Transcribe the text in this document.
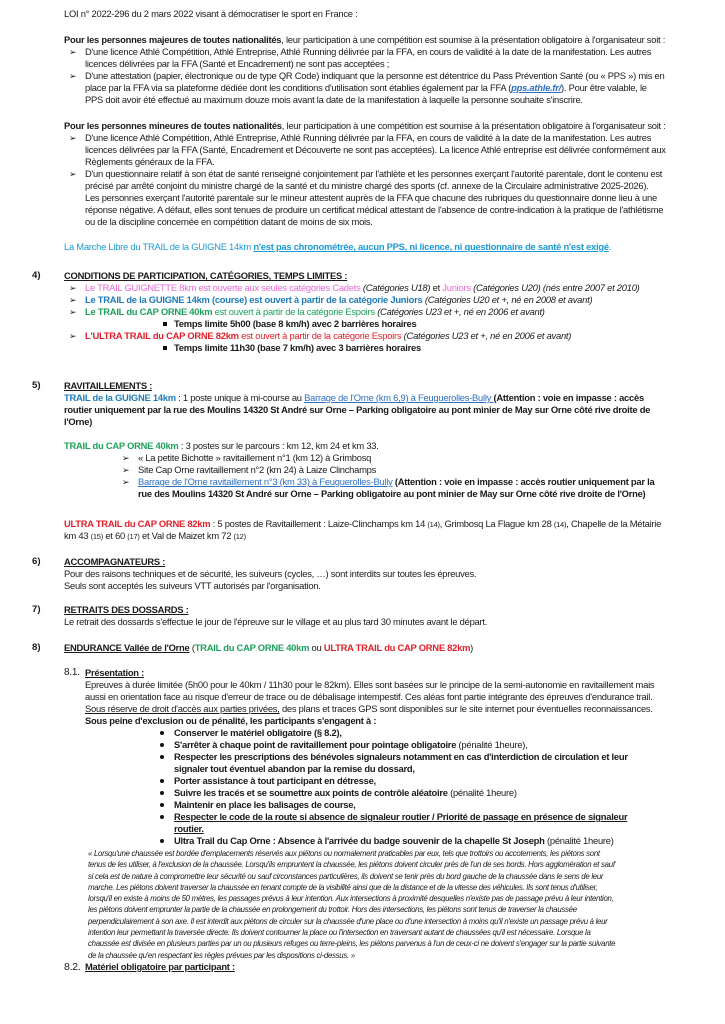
LOI n° 2022-296 du 2 mars 2022 visant à démocratiser le sport en France :
Pour les personnes majeures de toutes nationalités, leur participation à une compétition est soumise à la présentation obligatoire à l'organisateur soit :
➢ D'une licence Athlé Compétition, Athlé Entreprise, Athlé Running délivrée par la FFA, en cours de validité à la date de la manifestation. Les autres
licences délivrées par la FFA (Santé et Encadrement) ne sont pas acceptées ;
➢ D'une attestation (papier, électronique ou de type QR Code) indiquant que la personne est détentrice du Pass Prévention Santé (ou « PPS ») mis en
place par la FFA via sa plateforme dédiée dont les conditions d'utilisation sont établies également par la FFA (pps.athle.fr/). Pour être valable, le
PPS doit avoir été effectué au maximum douze mois avant la date de la manifestation à laquelle la personne souhaite s'inscrire.
Pour les personnes mineures de toutes nationalités, leur participation à une compétition est soumise à la présentation obligatoire à l'organisateur soit :
➢ D'une licence Athlé Compétition, Athlé Entreprise, Athlé Running délivrée par la FFA, en cours de validité à la date de la manifestation. Les autres
licences délivrées par la FFA (Santé, Encadrement et Découverte ne sont pas acceptées). La licence Athlé entreprise est délivrée conformément aux
Règlements généraux de la FFA.
➢ D'un questionnaire relatif à son état de santé renseigné conjointement par l'athlète et les personnes exerçant l'autorité parentale, dont le contenu est
précisé par arrêté conjoint du ministre chargé de la santé et du ministre chargé des sports (cf. annexe de la Circulaire administrative 2025-2026).
Les personnes exerçant l'autorité parentale sur le mineur attestent auprès de la FFA que chacune des rubriques du questionnaire donne lieu à une
réponse négative. A défaut, elles sont tenues de produire un certificat médical attestant de l'absence de contre-indication à la pratique de l'athlétisme
ou de la discipline concernée en compétition datant de moins de six mois.
La Marche Libre du TRAIL de la GUIGNE 14km n'est pas chronométrée, aucun PPS, ni licence, ni questionnaire de santé n'est exigé.
4) CONDITIONS DE PARTICIPATION, CATÉGORIES, TEMPS LIMITES :
➢ Le TRAIL GUIGNETTE 8km est ouverte aux seules catégories Cadets (Catégories U18) et Juniors (Catégories U20) (nés entre 2007 et 2010)
➢ Le TRAIL de la GUIGNE 14km (course) est ouvert à partir de la catégorie Juniors (Catégories U20 et +, né en 2008 et avant)
➢ Le TRAIL du CAP ORNE 40km est ouvert à partir de la catégorie Espoirs (Catégories U23 et +, né en 2006 et avant)
Temps limite 5h00 (base 8 km/h) avec 2 barrières horaires
➢ L'ULTRA TRAIL du CAP ORNE 82km est ouvert à partir de la catégorie Espoirs (Catégories U23 et +, né en 2006 et avant)
Temps limite 11h30 (base 7 km/h) avec 3 barrières horaires
5) RAVITAILLEMENTS :
TRAIL de la GUIGNE 14km : 1 poste unique à mi-course au Barrage de l'Orne (km 6,9) à Feuguerolles-Bully (Attention : voie en impasse : accès
routier uniquement par la rue des Moulins 14320 St André sur Orne – Parking obligatoire au pont minier de May sur Orne côté rive droite de
l'Orne)
TRAIL du CAP ORNE 40km : 3 postes sur le parcours : km 12, km 24 et km 33.
➢ « La petite Bichotte » ravitaillement n°1 (km 12) à Grimbosq
➢ Site Cap Orne ravitaillement n°2 (km 24) à Laize Clinchamps
➢ Barrage de l'Orne ravitaillement n°3 (km 33) à Feuguerolles-Bully (Attention : voie en impasse : accès routier uniquement par la
rue des Moulins 14320 St André sur Orne – Parking obligatoire au pont minier de May sur Orne côté rive droite de l'Orne)
ULTRA TRAIL du CAP ORNE 82km : 5 postes de Ravitaillement : Laize-Clinchamps km 14 (14), Grimbosq La Flague km 28 (14), Chapelle de la Métairie
km 43 (15) et 60 (17) et Val de Maizet km 72 (12)
6) ACCOMPAGNATEURS :
Pour des raisons techniques et de sécurité, les suiveurs (cycles, …) sont interdits sur toutes les épreuves.
Seuls sont acceptés les suiveurs VTT autorisés par l'organisation.
7) RETRAITS DES DOSSARDS :
Le retrait des dossards s'effectue le jour de l'épreuve sur le village et au plus tard 30 minutes avant le départ.
8) ENDURANCE Vallée de l'Orne (TRAIL du CAP ORNE 40km ou ULTRA TRAIL du CAP ORNE 82km)
8.1. Présentation :
Epreuves à durée limitée (5h00 pour le 40km / 11h30 pour le 82km). Elles sont basées sur le principe de la semi-autonomie en ravitaillement mais
aussi en orientation face au risque d'erreur de trace ou de débalisage intempestif. Ces aléas font partie intégrante des épreuves d'endurance trail.
Sous réserve de droit d'accès aux parties privées, des plans et traces GPS sont disponibles sur le site internet pour éventuelles reconnaissances.
Sous peine d'exclusion ou de pénalité, les participants s'engagent à :
Conserver le matériel obligatoire (§ 8.2),
S'arrêter à chaque point de ravitaillement pour pointage obligatoire (pénalité 1heure),
Respecter les prescriptions des bénévoles signaleurs notamment en cas d'interdiction de circulation et leur
signaler tout éventuel abandon par la remise du dossard,
Porter assistance à tout participant en détresse,
Suivre les tracés et se soumettre aux points de contrôle aléatoire (pénalité 1heure)
Maintenir en place les balisages de course,
Respecter le code de la route si absence de signaleur routier / Priorité de passage en présence de signaleur
routier.
Ultra Trail du Cap Orne : Absence à l'arrivée du badge souvenir de la chapelle St Joseph (pénalité 1heure)
« Lorsqu'une chaussée est bordée d'emplacements réservés aux piétons ou normalement praticables par eux, tels que trottoirs ou accotements, les piétons sont
tenus de les utiliser, à l'exclusion de la chaussée. Lorsqu'ils empruntent la chaussée, les piétons doivent circuler près de l'un de ses bords. Hors agglomération et sauf
si cela est de nature à compromettre leur sécurité ou sauf circonstances particulières, ils doivent se tenir près du bord gauche de la chaussée dans le sens de leur
marche. Les piétons doivent traverser la chaussée en tenant compte de la visibilité ainsi que de la distance et de la vitesse des véhicules. Ils sont tenus d'utiliser,
lorsqu'il en existe à moins de 50 mètres, les passages prévus à leur intention. Aux intersections à proximité desquelles n'existe pas de passage prévu à leur intention,
les piétons doivent emprunter la partie de la chaussée en prolongement du trottoir. Hors des intersections, les piétons sont tenus de traverser la chaussée
perpendiculairement à son axe. Il est interdit aux piétons de circuler sur la chaussée d'une place ou d'une intersection à moins qu'il n'existe un passage prévu à leur
intention leur permettant la traversée directe. Ils doivent contourner la place ou l'intersection en traversant autant de chaussées qu'il est nécessaire. Lorsque la
chaussée est divisée en plusieurs parties par un ou plusieurs refuges ou terre-pleins, les piétons parvenus à l'un de ceux-ci ne doivent s'engager sur la partie suivante
de la chaussée qu'en respectant les règles prévues par les dispositions ci-dessus. »
8.2. Matériel obligatoire par participant :
